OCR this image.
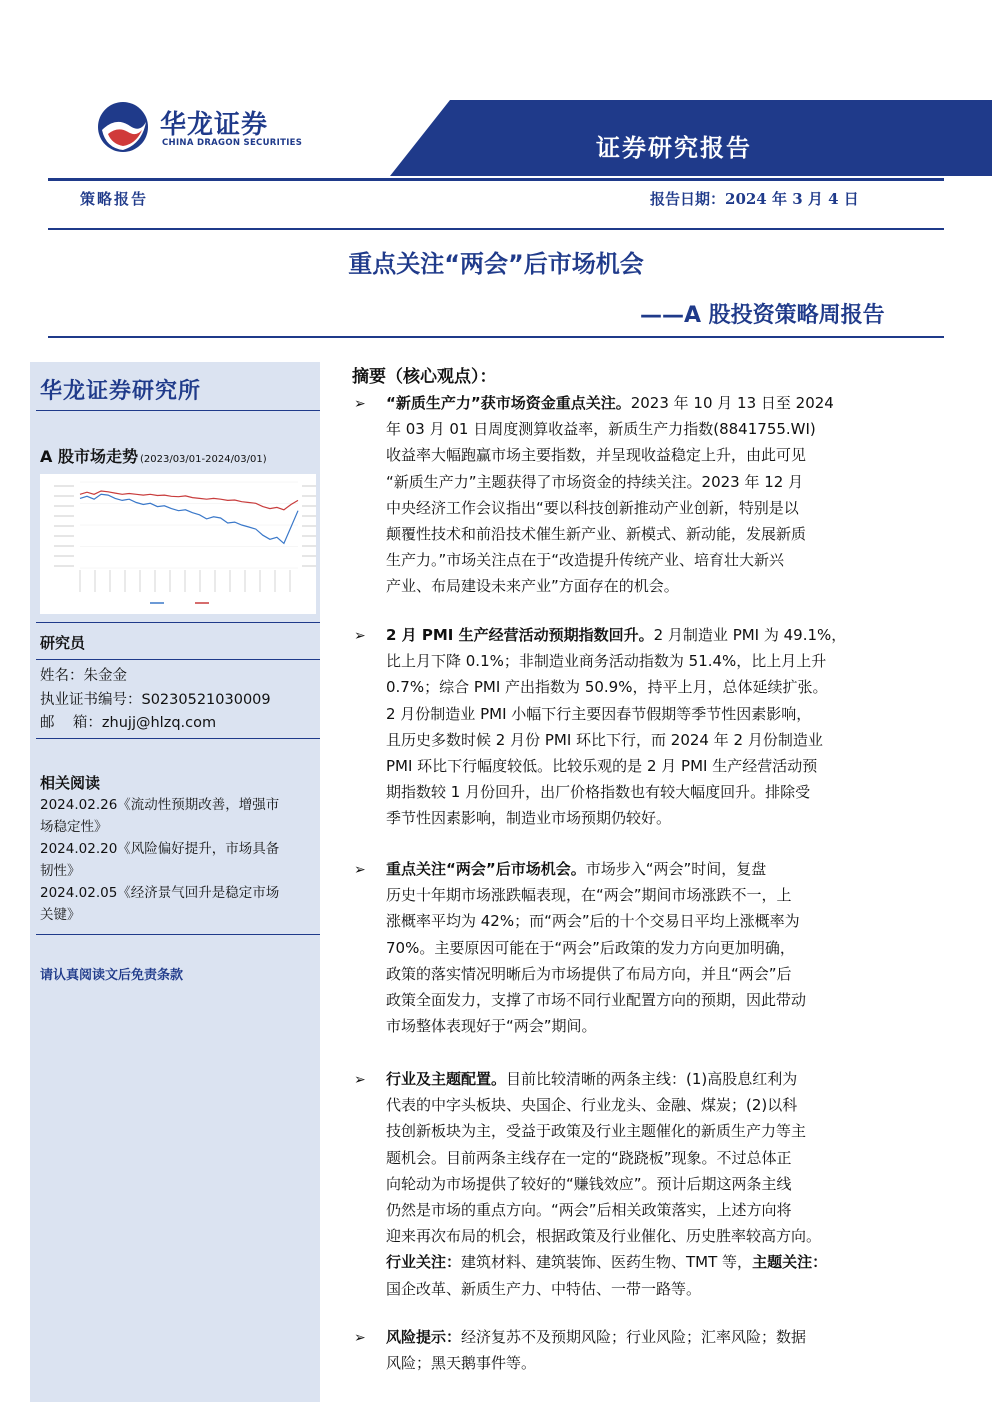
华龙证券
CHINA DRAGON SECURITIES	证券研究报告
策略报告	报告日期：2024 年 3 月 4 日
重点关注“两会”后市场机会
——A 股投资策略周报告
华龙证券研究所
A 股市场走势 (2023/03/01-2024/03/01)
研究员
姓名：朱金金
执业证书编号：S0230521030009
邮    箱：zhujj@hlzq.com
相关阅读
2024.02.26《流动性预期改善，增强市
场稳定性》
2024.02.20《风险偏好提升，市场具备
韧性》
2024.02.05《经济景气回升是稳定市场
关键》
请认真阅读文后免责条款
摘要（核心观点）：
➢ “新质生产力”获市场资金重点关注。2023 年 10 月 13 日至 2024
年 03 月 01 日周度测算收益率，新质生产力指数(8841755.WI)
收益率大幅跑赢市场主要指数，并呈现收益稳定上升，由此可见
“新质生产力”主题获得了市场资金的持续关注。2023 年 12 月
中央经济工作会议指出“要以科技创新推动产业创新，特别是以
颠覆性技术和前沿技术催生新产业、新模式、新动能，发展新质
生产力。”市场关注点在于“改造提升传统产业、培育壮大新兴
产业、布局建设未来产业”方面存在的机会。
➢ 2 月 PMI 生产经营活动预期指数回升。2 月制造业 PMI 为 49.1%，
比上月下降 0.1%；非制造业商务活动指数为 51.4%，比上月上升
0.7%；综合 PMI 产出指数为 50.9%，持平上月，总体延续扩张。
2 月份制造业 PMI 小幅下行主要因春节假期等季节性因素影响，
且历史多数时候 2 月份 PMI 环比下行，而 2024 年 2 月份制造业
PMI 环比下行幅度较低。比较乐观的是 2 月 PMI 生产经营活动预
期指数较 1 月份回升，出厂价格指数也有较大幅度回升。排除受
季节性因素影响，制造业市场预期仍较好。
➢ 重点关注“两会”后市场机会。市场步入“两会”时间，复盘
历史十年期市场涨跌幅表现，在“两会”期间市场涨跌不一，上
涨概率平均为 42%；而“两会”后的十个交易日平均上涨概率为
70%。主要原因可能在于“两会”后政策的发力方向更加明确，
政策的落实情况明晰后为市场提供了布局方向，并且“两会”后
政策全面发力，支撑了市场不同行业配置方向的预期，因此带动
市场整体表现好于“两会”期间。
➢ 行业及主题配置。目前比较清晰的两条主线：(1)高股息红利为
代表的中字头板块、央国企、行业龙头、金融、煤炭；(2)以科
技创新板块为主，受益于政策及行业主题催化的新质生产力等主
题机会。目前两条主线存在一定的“跷跷板”现象。不过总体正
向轮动为市场提供了较好的“赚钱效应”。预计后期这两条主线
仍然是市场的重点方向。“两会”后相关政策落实，上述方向将
迎来再次布局的机会，根据政策及行业催化、历史胜率较高方向。
行业关注：建筑材料、建筑装饰、医药生物、TMT 等，主题关注：
国企改革、新质生产力、中特估、一带一路等。
➢ 风险提示：经济复苏不及预期风险；行业风险；汇率风险；数据
风险；黑天鹅事件等。
